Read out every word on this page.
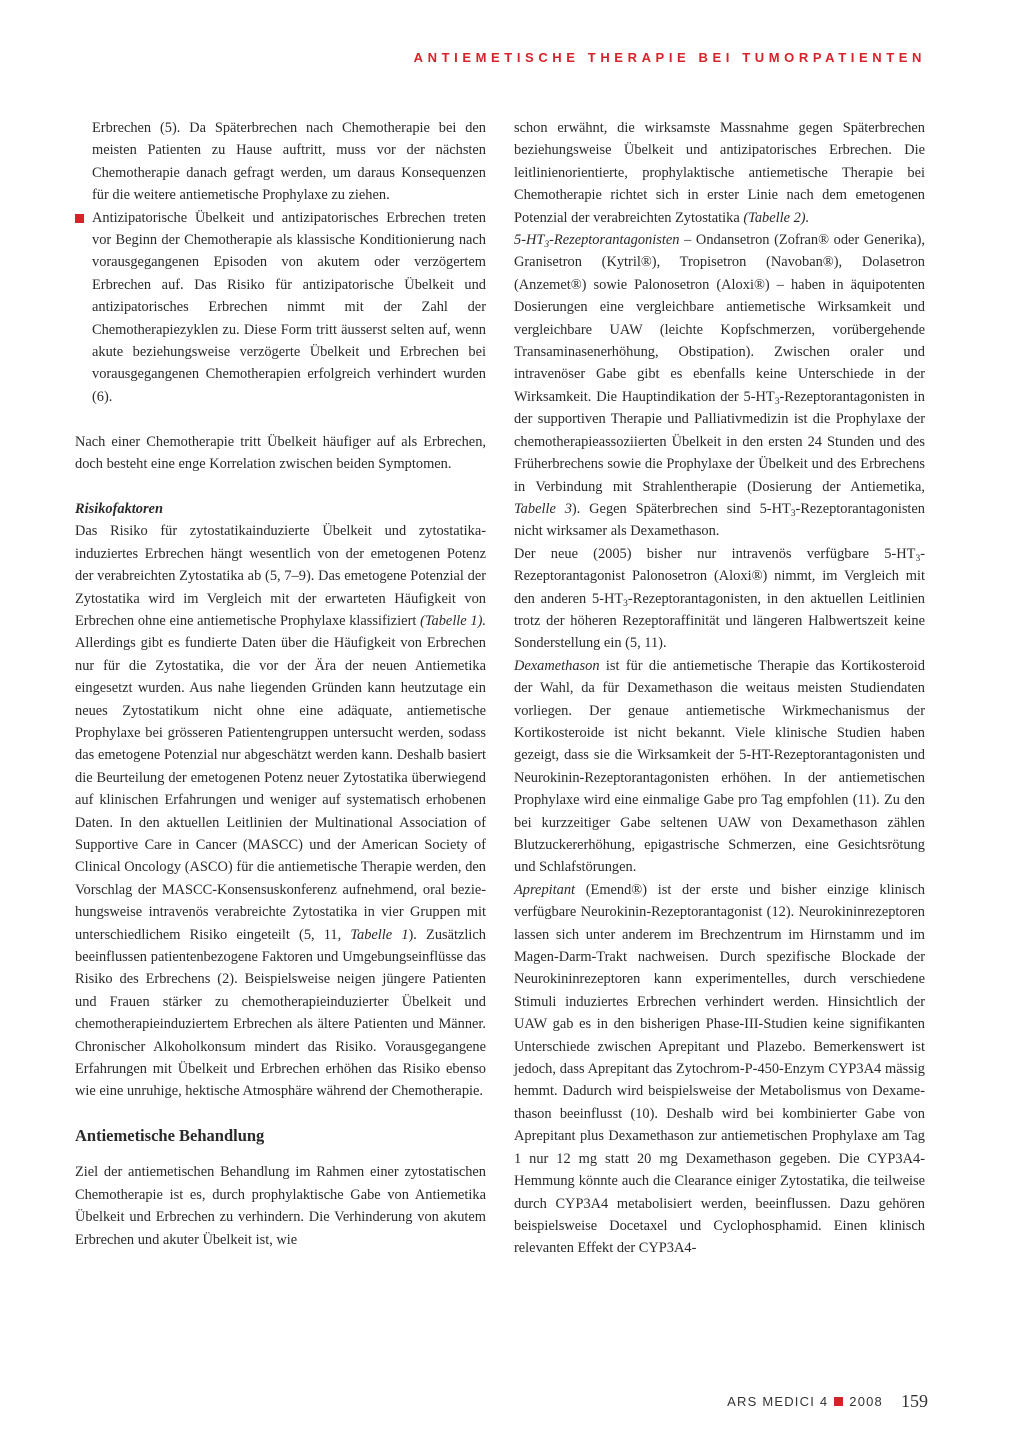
ANTIEMETISCHE THERAPIE BEI TUMORPATIENTEN

Erbrechen (5). Da Späterbrechen nach Chemotherapie bei den meisten Patienten zu Hause auftritt, muss vor der nächsten Chemotherapie danach gefragt werden, um daraus Konsequenzen für die weitere antiemetische Prophylaxe zu ziehen.

Antizipatorische Übelkeit und antizipatorisches Erbrechen treten vor Beginn der Chemotherapie als klassische Konditionierung nach vorausgegangenen Episoden von akutem oder verzögertem Erbrechen auf. Das Risiko für antizipatorische Übelkeit und antizipatorisches Erbrechen nimmt mit der Zahl der Chemotherapiezyklen zu. Diese Form tritt äusserst selten auf, wenn akute beziehungsweise verzögerte Übelkeit und Erbrechen bei vorausgegangenen Chemotherapien erfolgreich verhindert wurden (6).

Nach einer Chemotherapie tritt Übelkeit häufiger auf als Erbrechen, doch besteht eine enge Korrelation zwischen beiden Symptomen.

Risikofaktoren

Das Risiko für zytostatikainduzierte Übelkeit und zytostatikainduziertes Erbrechen hängt wesentlich von der emetogenen Potenz der verabreichten Zytostatika ab (5, 7–9). Das emetogene Potenzial der Zytostatika wird im Vergleich mit der erwarteten Häufigkeit von Erbrechen ohne eine antiemetische Prophylaxe klassifiziert (Tabelle 1). Allerdings gibt es fundierte Daten über die Häufigkeit von Erbrechen nur für die Zytostatika, die vor der Ära der neuen Antiemetika eingesetzt wurden. Aus nahe liegenden Gründen kann heutzutage ein neues Zytostatikum nicht ohne eine adäquate, antiemetische Prophylaxe bei grösseren Patientengruppen untersucht werden, sodass das emetogene Potenzial nur abgeschätzt werden kann. Deshalb basiert die Beurteilung der emetogenen Potenz neuer Zytostatika überwiegend auf klinischen Erfahrungen und weniger auf systematisch erhobenen Daten. In den aktuellen Leitlinien der Multinational Association of Supportive Care in Cancer (MASCC) und der American Society of Clinical Oncology (ASCO) für die antiemetische Therapie werden, den Vorschlag der MASCC-Konsensuskonferenz aufnehmend, oral beziehungsweise intravenös verabreichte Zytostatika in vier Gruppen mit unterschiedlichem Risiko eingeteilt (5, 11, Tabelle 1). Zusätzlich beeinflussen patientenbezogene Faktoren und Umgebungseinflüsse das Risiko des Erbrechens (2). Beispielsweise neigen jüngere Patienten und Frauen stärker zu chemotherapieinduzierter Übelkeit und chemotherapieinduziertem Erbrechen als ältere Patienten und Männer. Chronischer Alkoholkonsum mindert das Risiko. Vorausgegangene Erfahrungen mit Übelkeit und Erbrechen erhöhen das Risiko ebenso wie eine unruhige, hektische Atmosphäre während der Chemotherapie.

Antiemetische Behandlung

Ziel der antiemetischen Behandlung im Rahmen einer zytostatischen Chemotherapie ist es, durch prophylaktische Gabe von Antiemetika Übelkeit und Erbrechen zu verhindern. Die Verhinderung von akutem Erbrechen und akuter Übelkeit ist, wie

schon erwähnt, die wirksamste Massnahme gegen Späterbrechen beziehungsweise Übelkeit und antizipatorisches Erbrechen. Die leitlinienorientierte, prophylaktische antiemetische Therapie bei Chemotherapie richtet sich in erster Linie nach dem emetogenen Potenzial der verabreichten Zytostatika (Tabelle 2).

$5-HT_3$-Rezeptorantagonisten – Ondansetron (Zofran® oder Generika), Granisetron (Kytril®), Tropisetron (Navoban®), Dolasetron (Anzemet®) sowie Palonosetron (Aloxi®) – haben in äquipotenten Dosierungen eine vergleichbare antiemetische Wirksamkeit und vergleichbare UAW (leichte Kopfschmerzen, vorübergehende Transaminasenerhöhung, Obstipation). Zwischen oraler und intravenöser Gabe gibt es ebenfalls keine Unterschiede in der Wirksamkeit. Die Hauptindikation der $5-HT_3$-Rezeptorantagonisten in der supportiven Therapie und Palliativmedizin ist die Prophylaxe der chemotherapieassoziierten Übelkeit in den ersten 24 Stunden und des Früherbrechens sowie die Prophylaxe der Übelkeit und des Erbrechens in Verbindung mit Strahlentherapie (Dosierung der Antiemetika, Tabelle 3). Gegen Späterbrechen sind $5-HT_3$-Rezeptorantagonisten nicht wirksamer als Dexamethason.

Der neue (2005) bisher nur intravenös verfügbare $5-HT_3$-Rezeptorantagonist Palonosetron (Aloxi®) nimmt, im Vergleich mit den anderen $5-HT_3$-Rezeptorantagonisten, in den aktuellen Leitlinien trotz der höheren Rezeptoraffinität und längeren Halbwertszeit keine Sonderstellung ein (5, 11).

Dexamethason ist für die antiemetische Therapie das Kortikosteroid der Wahl, da für Dexamethason die weitaus meisten Studiendaten vorliegen. Der genaue antiemetische Wirkmechanismus der Kortikosteroide ist nicht bekannt. Viele klinische Studien haben gezeigt, dass sie die Wirksamkeit der 5-HT-Rezeptorantagonisten und Neurokinin-Rezeptorantagonisten erhöhen. In der antiemetischen Prophylaxe wird eine einmalige Gabe pro Tag empfohlen (11). Zu den bei kurzzeitiger Gabe seltenen UAW von Dexamethason zählen Blutzuckererhöhung, epigastrische Schmerzen, eine Gesichtsrötung und Schlafstörungen.

Aprepitant (Emend®) ist der erste und bisher einzige klinisch verfügbare Neurokinin-Rezeptorantagonist (12). Neurokininrezeptoren lassen sich unter anderem im Brechzentrum im Hirnstamm und im Magen-Darm-Trakt nachweisen. Durch spezifische Blockade der Neurokininrezeptoren kann experimentelles, durch verschiedene Stimuli induziertes Erbrechen verhindert werden. Hinsichtlich der UAW gab es in den bisherigen Phase-III-Studien keine signifikanten Unterschiede zwischen Aprepitant und Plazebo. Bemerkenswert ist jedoch, dass Aprepitant das Zytochrom-P-450-Enzym CYP3A4 mässig hemmt. Dadurch wird beispielsweise der Metabolismus von Dexamethason beeinflusst (10). Deshalb wird bei kombinierter Gabe von Aprepitant plus Dexamethason zur antiemetischen Prophylaxe am Tag 1 nur 12 mg statt 20 mg Dexamethason gegeben. Die CYP3A4-Hemmung könnte auch die Clearance einiger Zytostatika, die teilweise durch CYP3A4 metabolisiert werden, beeinflussen. Dazu gehören beispielsweise Docetaxel und Cyclophosphamid. Einen klinisch relevanten Effekt der CYP3A4-

ARS MEDICI 4 2008 159
